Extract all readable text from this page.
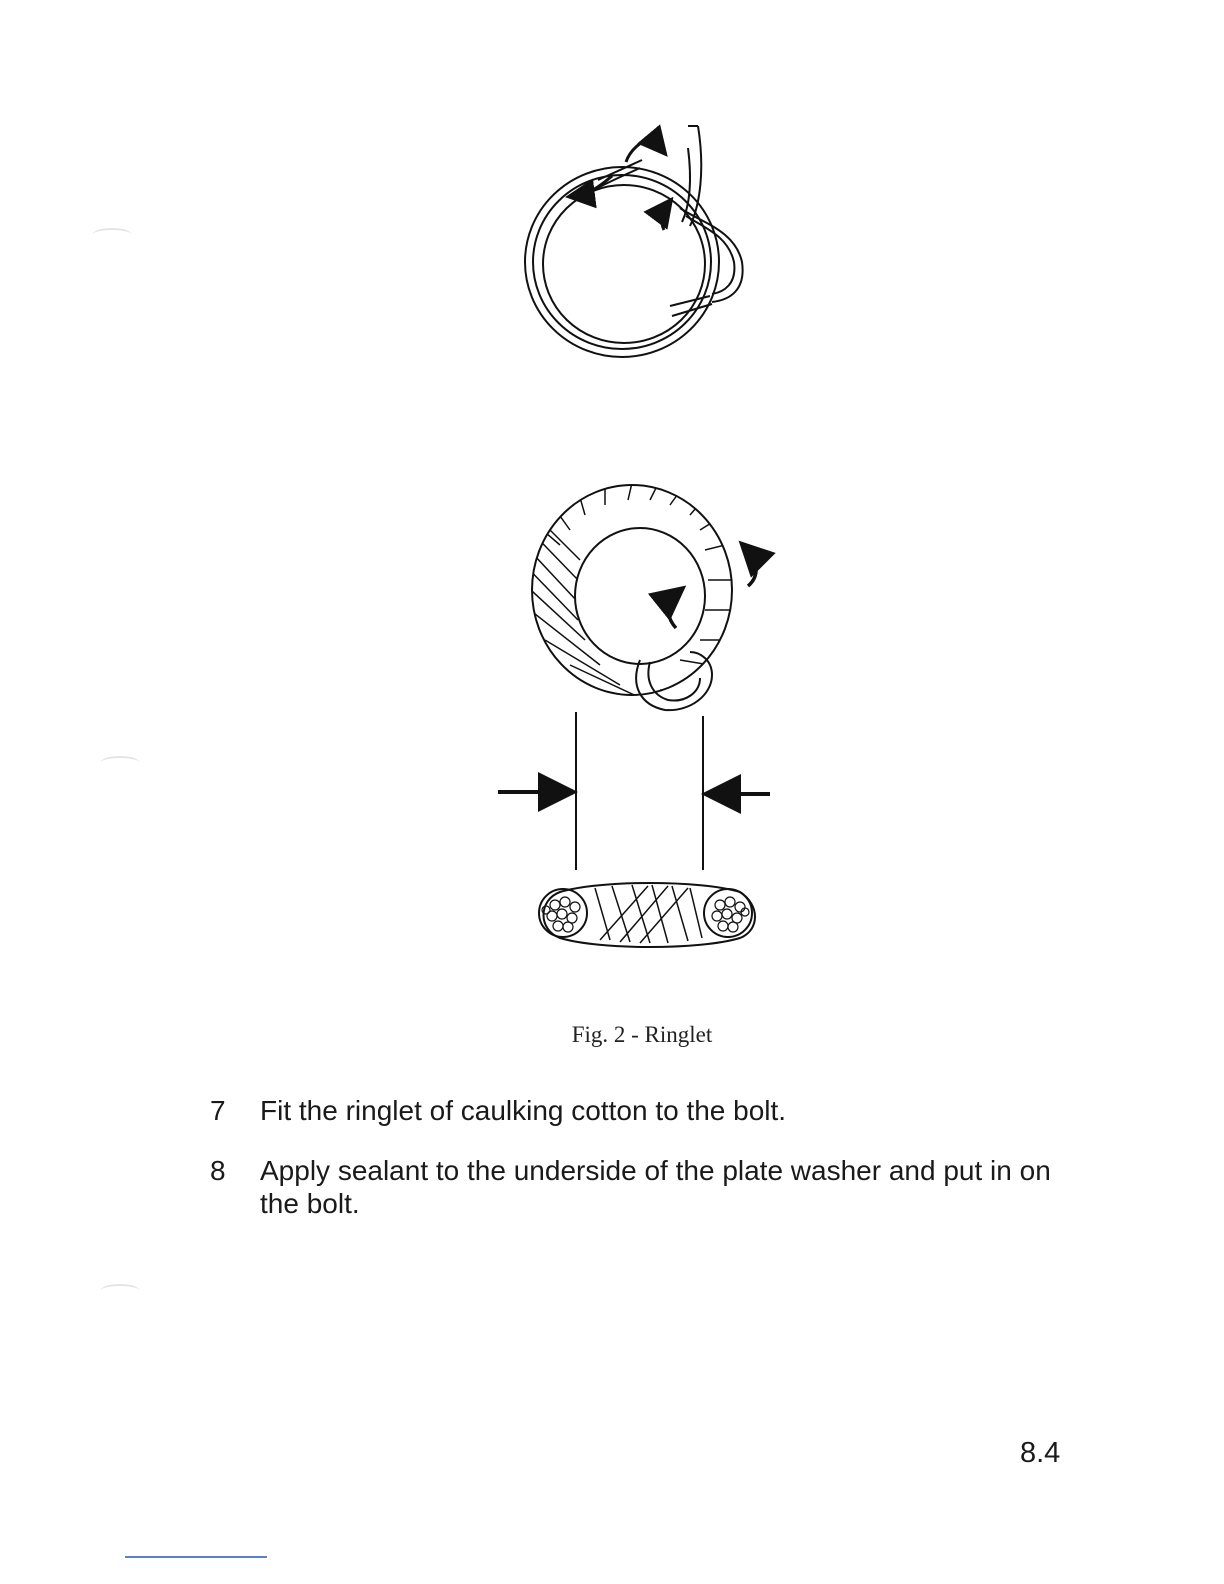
Fig. 2 - Ringlet
7	Fit the ringlet of caulking cotton to the bolt.
8	Apply sealant to the underside of the plate washer and put in on the bolt.
8.4
